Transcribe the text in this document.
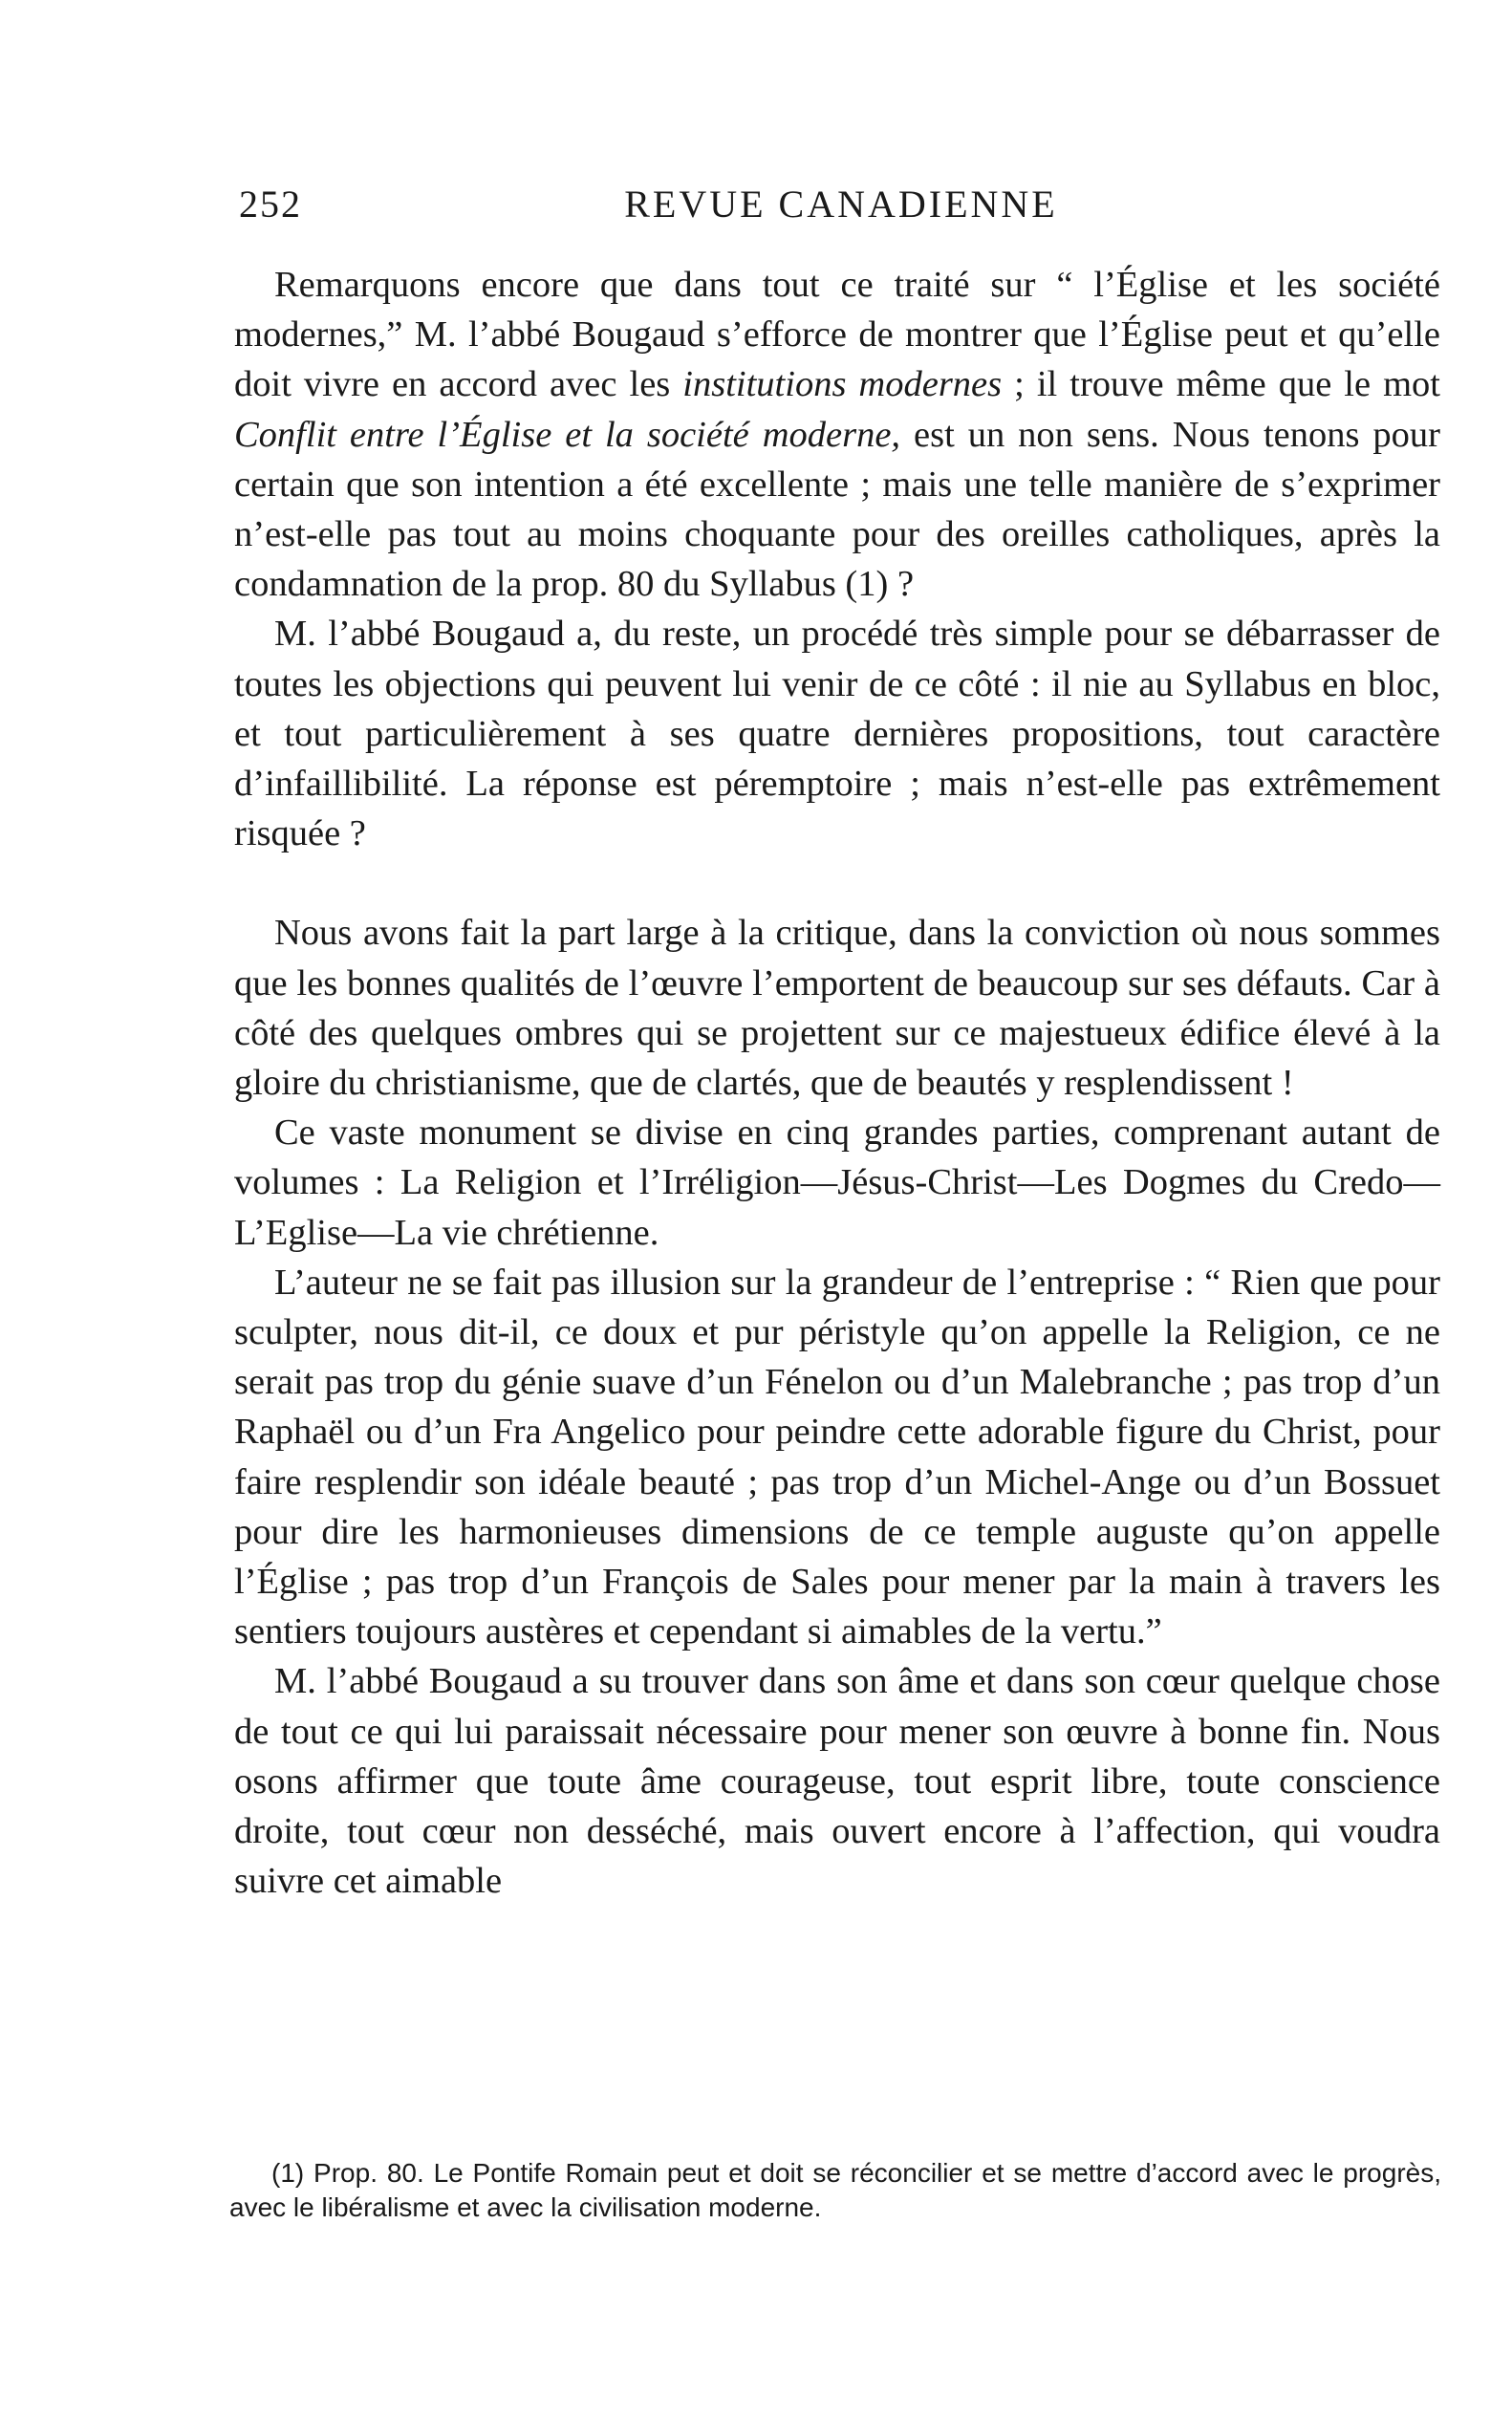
252	REVUE CANADIENNE

Remarquons encore que dans tout ce traité sur “ l’Église et les société modernes,” M. l’abbé Bougaud s’efforce de montrer que l’Église peut et qu’elle doit vivre en accord avec les institutions modernes ; il trouve même que le mot Conflit entre l’Église et la société moderne, est un non sens. Nous tenons pour certain que son intention a été excellente ; mais une telle manière de s’exprimer n’est-elle pas tout au moins choquante pour des oreilles catholiques, après la condamnation de la prop. 80 du Syllabus (1) ?

M. l’abbé Bougaud a, du reste, un procédé très simple pour se débarrasser de toutes les objections qui peuvent lui venir de ce côté : il nie au Syllabus en bloc, et tout particulièrement à ses quatre dernières propositions, tout caractère d’infaillibilité. La réponse est péremptoire ; mais n’est-elle pas extrêmement risquée ?

Nous avons fait la part large à la critique, dans la conviction où nous sommes que les bonnes qualités de l’œuvre l’emportent de beaucoup sur ses défauts. Car à côté des quelques ombres qui se projettent sur ce majestueux édifice élevé à la gloire du christianisme, que de clartés, que de beautés y resplendissent !

Ce vaste monument se divise en cinq grandes parties, comprenant autant de volumes : La Religion et l’Irréligion—Jésus-Christ—Les Dogmes du Credo—L’Eglise—La vie chrétienne.

L’auteur ne se fait pas illusion sur la grandeur de l’entreprise : “ Rien que pour sculpter, nous dit-il, ce doux et pur péristyle qu’on appelle la Religion, ce ne serait pas trop du génie suave d’un Fénelon ou d’un Malebranche ; pas trop d’un Raphaël ou d’un Fra Angelico pour peindre cette adorable figure du Christ, pour faire resplendir son idéale beauté ; pas trop d’un Michel-Ange ou d’un Bossuet pour dire les harmonieuses dimensions de ce temple auguste qu’on appelle l’Église ; pas trop d’un François de Sales pour mener par la main à travers les sentiers toujours austères et cependant si aimables de la vertu.”

M. l’abbé Bougaud a su trouver dans son âme et dans son cœur quelque chose de tout ce qui lui paraissait nécessaire pour mener son œuvre à bonne fin. Nous osons affirmer que toute âme courageuse, tout esprit libre, toute conscience droite, tout cœur non desséché, mais ouvert encore à l’affection, qui voudra suivre cet aimable

(1) Prop. 80. Le Pontife Romain peut et doit se réconcilier et se mettre d’accord avec le progrès, avec le libéralisme et avec la civilisation moderne.
